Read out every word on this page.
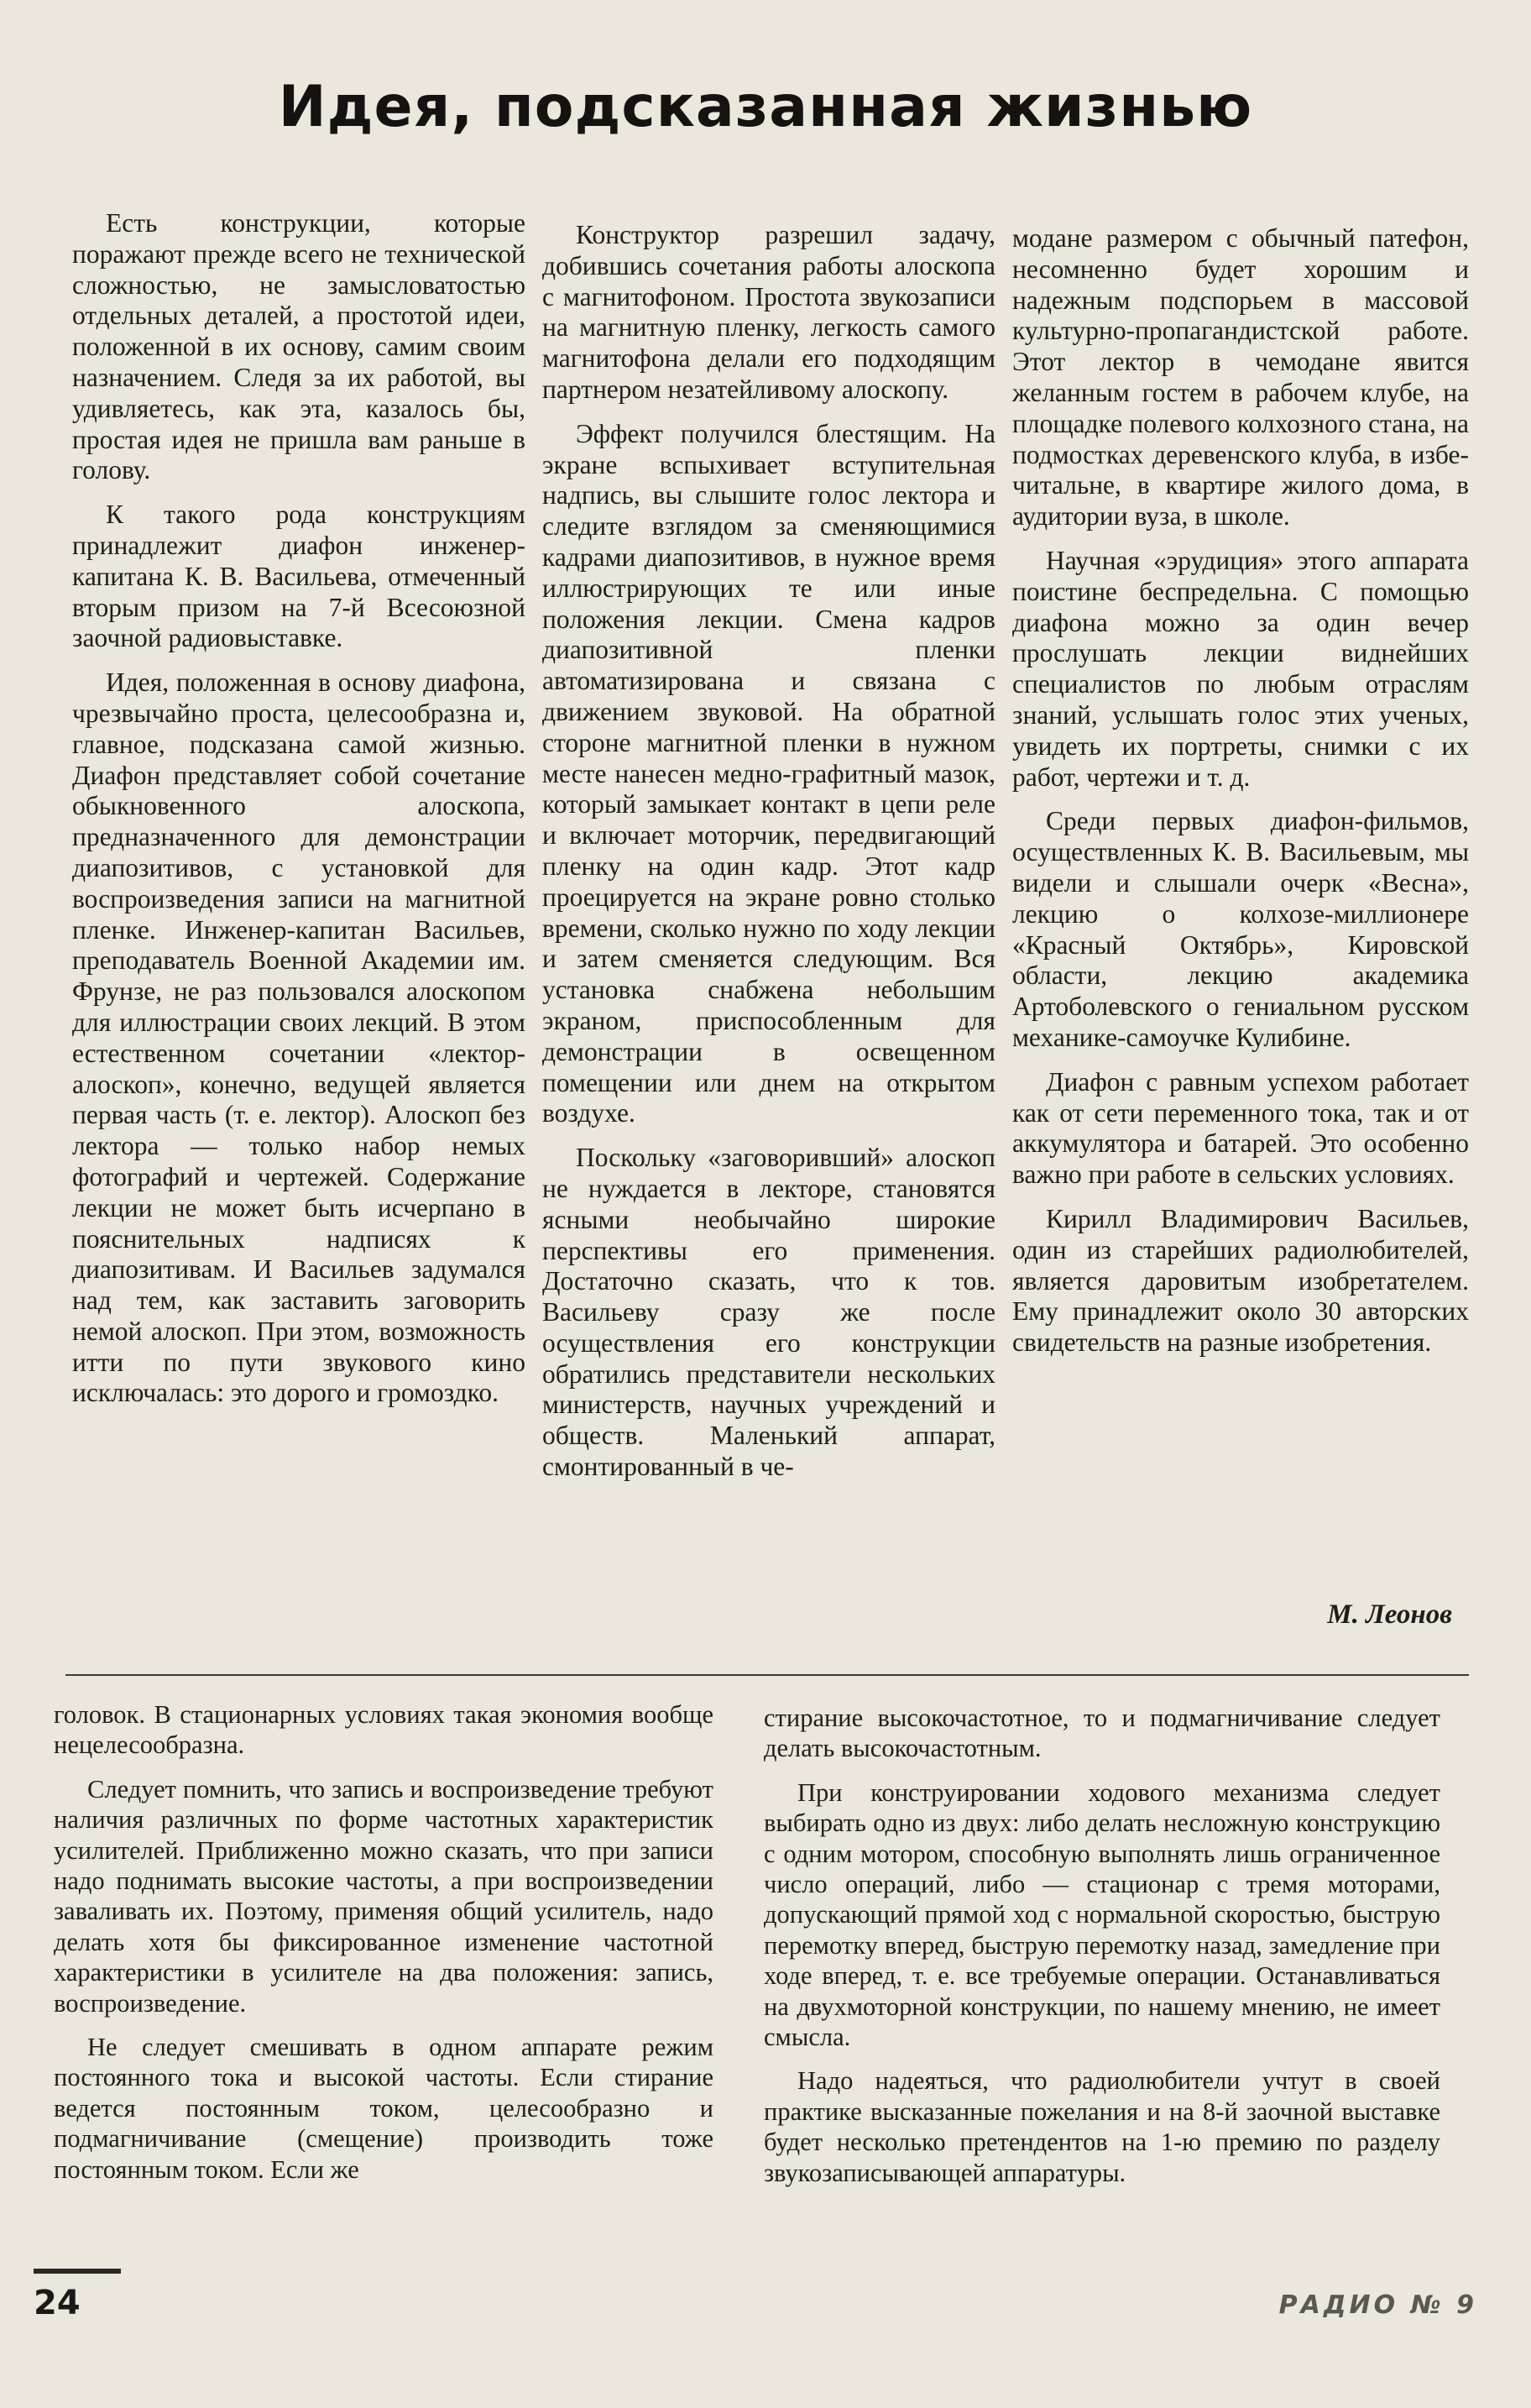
Идея, подсказанная жизнью

Есть конструкции, которые поражают прежде всего не технической сложностью, не замысловатостью отдельных деталей, а простотой идеи, положенной в их основу, самим своим назначением. Следя за их работой, вы удивляетесь, как эта, казалось бы, простая идея не пришла вам раньше в голову.

К такого рода конструкциям принадлежит диафон инженер-капитана К. В. Васильева, отмеченный вторым призом на 7-й Всесоюзной заочной радиовыставке.

Идея, положенная в основу диафона, чрезвычайно проста, целесообразна и, главное, подсказана самой жизнью. Диафон представляет собой сочетание обыкновенного алоскопа, предназначенного для демонстрации диапозитивов, с установкой для воспроизведения записи на магнитной пленке. Инженер-капитан Васильев, преподаватель Военной Академии им. Фрунзе, не раз пользовался алоскопом для иллюстрации своих лекций. В этом естественном сочетании «лектор-алоскоп», конечно, ведущей является первая часть (т. е. лектор). Алоскоп без лектора — только набор немых фотографий и чертежей. Содержание лекции не может быть исчерпано в пояснительных надписях к диапозитивам. И Васильев задумался над тем, как заставить заговорить немой алоскоп. При этом, возможность итти по пути звукового кино исключалась: это дорого и громоздко.

Конструктор разрешил задачу, добившись сочетания работы алоскопа с магнитофоном. Простота звукозаписи на магнитную пленку, легкость самого магнитофона делали его подходящим партнером незатейливому алоскопу.

Эффект получился блестящим. На экране вспыхивает вступительная надпись, вы слышите голос лектора и следите взглядом за сменяющимися кадрами диапозитивов, в нужное время иллюстрирующих те или иные положения лекции. Смена кадров диапозитивной пленки автоматизирована и связана с движением звуковой. На обратной стороне магнитной пленки в нужном месте нанесен медно-графитный мазок, который замыкает контакт в цепи реле и включает моторчик, передвигающий пленку на один кадр. Этот кадр проецируется на экране ровно столько времени, сколько нужно по ходу лекции и затем сменяется следующим. Вся установка снабжена небольшим экраном, приспособленным для демонстрации в освещенном помещении или днем на открытом воздухе.

Поскольку «заговоривший» алоскоп не нуждается в лекторе, становятся ясными необычайно широкие перспективы его применения. Достаточно сказать, что к тов. Васильеву сразу же после осуществления его конструкции обратились представители нескольких министерств, научных учреждений и обществ. Маленький аппарат, смонтированный в че-

модане размером с обычный патефон, несомненно будет хорошим и надежным подспорьем в массовой культурно-пропагандистской работе. Этот лектор в чемодане явится желанным гостем в рабочем клубе, на площадке полевого колхозного стана, на подмостках деревенского клуба, в избе-читальне, в квартире жилого дома, в аудитории вуза, в школе.

Научная «эрудиция» этого аппарата поистине беспредельна. С помощью диафона можно за один вечер прослушать лекции виднейших специалистов по любым отраслям знаний, услышать голос этих ученых, увидеть их портреты, снимки с их работ, чертежи и т. д.

Среди первых диафон-фильмов, осуществленных К. В. Васильевым, мы видели и слышали очерк «Весна», лекцию о колхозе-миллионере «Красный Октябрь», Кировской области, лекцию академика Артоболевского о гениальном русском механике-самоучке Кулибине.

Диафон с равным успехом работает как от сети переменного тока, так и от аккумулятора и батарей. Это особенно важно при работе в сельских условиях.

Кирилл Владимирович Васильев, один из старейших радиолюбителей, является даровитым изобретателем. Ему принадлежит около 30 авторских свидетельств на разные изобретения.

М. Леонов

головок. В стационарных условиях такая экономия вообще нецелесообразна.

Следует помнить, что запись и воспроизведение требуют наличия различных по форме частотных характеристик усилителей. Приближенно можно сказать, что при записи надо поднимать высокие частоты, а при воспроизведении заваливать их. Поэтому, применяя общий усилитель, надо делать хотя бы фиксированное изменение частотной характеристики в усилителе на два положения: запись, воспроизведение.

Не следует смешивать в одном аппарате режим постоянного тока и высокой частоты. Если стирание ведется постоянным током, целесообразно и подмагничивание (смещение) производить тоже постоянным током. Если же

стирание высокочастотное, то и подмагничивание следует делать высокочастотным.

При конструировании ходового механизма следует выбирать одно из двух: либо делать несложную конструкцию с одним мотором, способную выполнять лишь ограниченное число операций, либо — стационар с тремя моторами, допускающий прямой ход с нормальной скоростью, быструю перемотку вперед, быструю перемотку назад, замедление при ходе вперед, т. е. все требуемые операции. Останавливаться на двухмоторной конструкции, по нашему мнению, не имеет смысла.

Надо надеяться, что радиолюбители учтут в своей практике высказанные пожелания и на 8-й заочной выставке будет несколько претендентов на 1-ю премию по разделу звукозаписывающей аппаратуры.

24	РАДИО № 9
